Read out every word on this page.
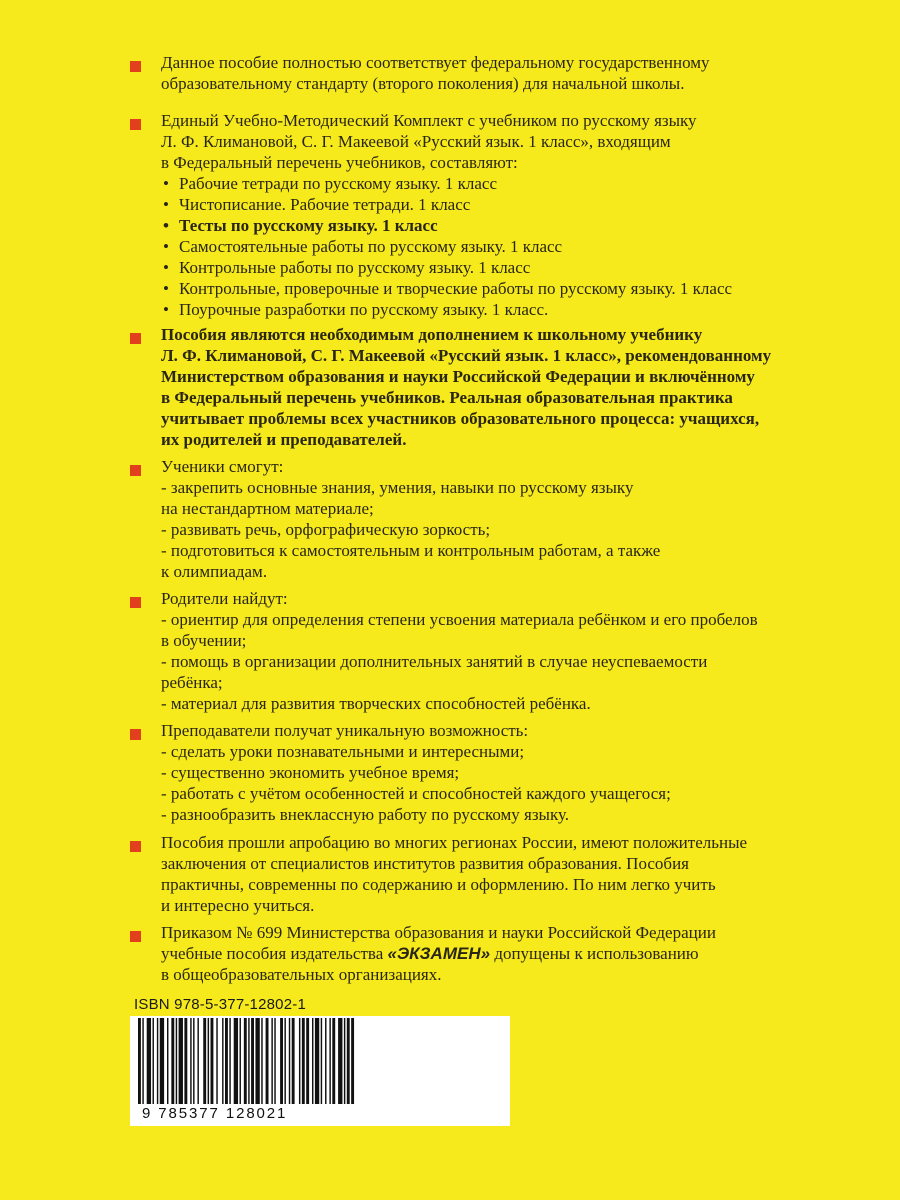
Данное пособие полностью соответствует федеральному государственному

образовательному стандарту (второго поколения) для начальной школы.

Единый Учебно-Методический Комплект с учебником по русскому языку

Л. Ф. Климановой, С. Г. Макеевой «Русский язык. 1 класс», входящим

в Федеральный перечень учебников, составляют:

• Рабочие тетради по русскому языку. 1 класс
• Чистописание. Рабочие тетради. 1 класс
• Тесты по русскому языку. 1 класс
• Самостоятельные работы по русскому языку. 1 класс
• Контрольные работы по русскому языку. 1 класс
• Контрольные, проверочные и творческие работы по русскому языку. 1 класс
• Поурочные разработки по русскому языку. 1 класс.

Пособия являются необходимым дополнением к школьному учебнику

Л. Ф. Климановой, С. Г. Макеевой «Русский язык. 1 класс», рекомендованному

Министерством образования и науки Российской Федерации и включённому

в Федеральный перечень учебников. Реальная образовательная практика

учитывает проблемы всех участников образовательного процесса: учащихся,

их родителей и преподавателей.

Ученики смогут:

- закрепить основные знания, умения, навыки по русскому языку

на нестандартном материале;

- развивать речь, орфографическую зоркость;

- подготовиться к самостоятельным и контрольным работам, а также

к олимпиадам.

Родители найдут:

- ориентир для определения степени усвоения материала ребёнком и его пробелов

в обучении;

- помощь в организации дополнительных занятий в случае неуспеваемости

ребёнка;

- материал для развития творческих способностей ребёнка.

Преподаватели получат уникальную возможность:

- сделать уроки познавательными и интересными;

- существенно экономить учебное время;

- работать с учётом особенностей и способностей каждого учащегося;

- разнообразить внеклассную работу по русскому языку.

Пособия прошли апробацию во многих регионах России, имеют положительные

заключения от специалистов институтов развития образования. Пособия

практичны, современны по содержанию и оформлению. По ним легко учить

и интересно учиться.

Приказом № 699 Министерства образования и науки Российской Федерации

учебные пособия издательства «ЭКЗАМЕН» допущены к использованию

в общеобразовательных организациях.

ISBN 978-5-377-12802-1
9 785377 128021
